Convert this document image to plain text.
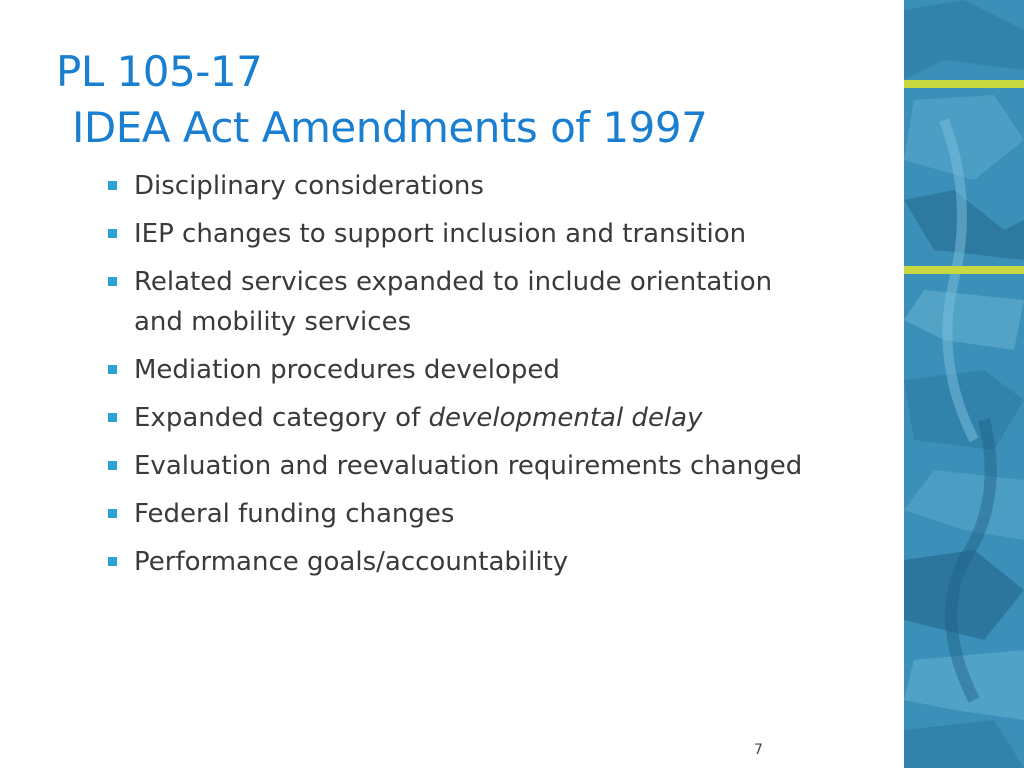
PL 105-17
IDEA Act Amendments of 1997
Disciplinary considerations
IEP changes to support inclusion and transition
Related services expanded to include orientation and mobility services
Mediation procedures developed
Expanded category of developmental delay
Evaluation and reevaluation requirements changed
Federal funding changes
Performance goals/accountability
7
